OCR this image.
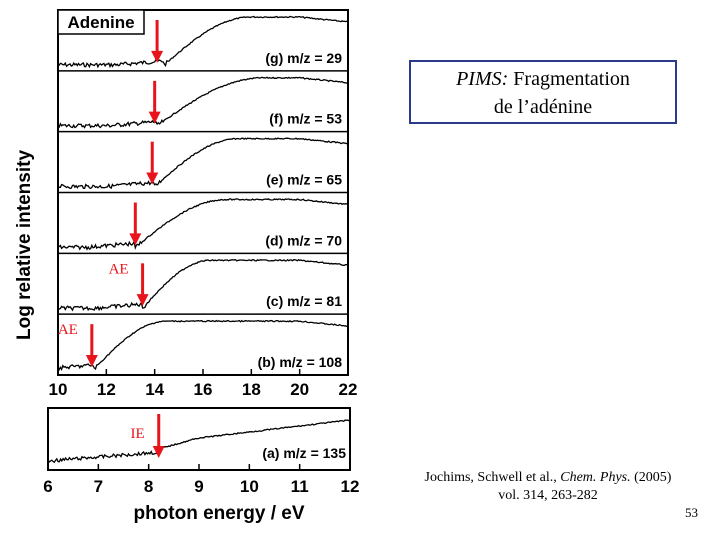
Adenine
(g) m/z = 29
(f) m/z = 53
(e) m/z = 65
(d) m/z = 70
(c) m/z = 81
AE
(b) m/z = 108
AE
10 12 14 16 18 20 22
(a) m/z = 135
IE
6 7 8 9 10 11 12
Log relative intensity
photon energy / eV
PIMS: Fragmentation
de l’adénine
Jochims, Schwell et al., Chem. Phys. (2005)
vol. 314, 263-282
53
